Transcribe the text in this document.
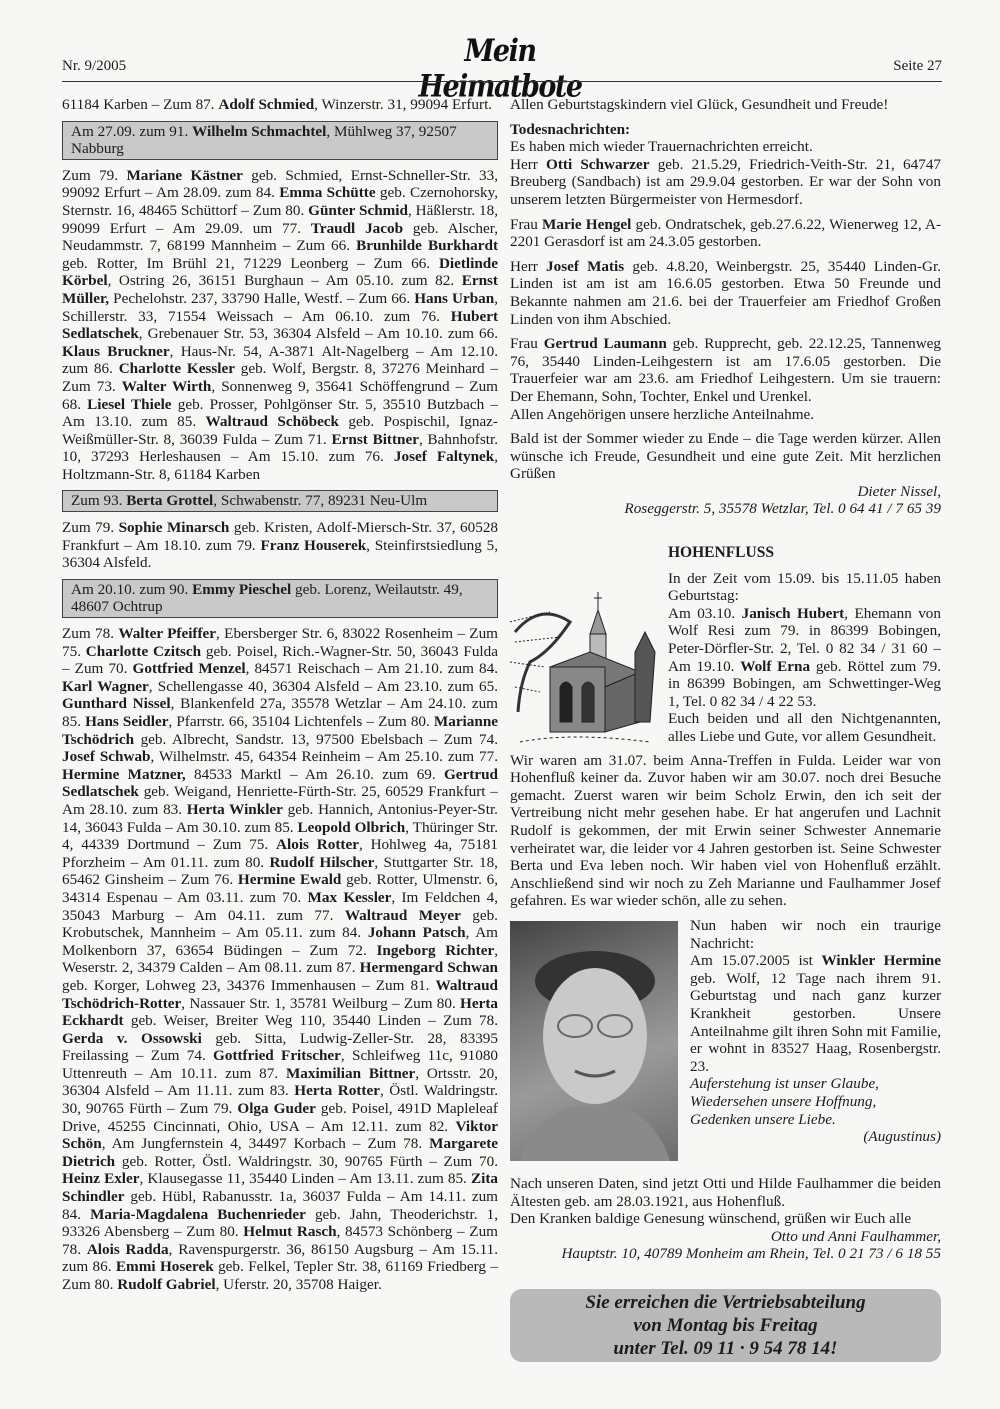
Nr. 9/2005	Mein Heimatbote
Seite 27

61184 Karben – Zum 87. Adolf Schmied, Winzerstr. 31, 99094 Erfurt.

Am 27.09. zum 91. Wilhelm Schmachtel, Mühlweg 37, 92507 Nabburg

Zum 79. Mariane Kästner geb. Schmied, Ernst-Schneller-Str. 33, 99092 Erfurt – Am 28.09. zum 84. Emma Schütte geb. Czernohorsky, Sternstr. 16, 48465 Schüttorf – Zum 80. Günter Schmid, Häßlerstr. 18, 99099 Erfurt – Am 29.09. um 77. Traudl Jacob geb. Alscher, Neudammstr. 7, 68199 Mannheim – Zum 66. Brunhilde Burkhardt geb. Rotter, Im Brühl 21, 71229 Leonberg – Zum 66. Dietlinde Körbel, Ostring 26, 36151 Burghaun – Am 05.10. zum 82. Ernst Müller, Pechelohstr. 237, 33790 Halle, Westf. – Zum 66. Hans Urban, Schillerstr. 33, 71554 Weissach – Am 06.10. zum 76. Hubert Sedlatschek, Grebenauer Str. 53, 36304 Alsfeld – Am 10.10. zum 66. Klaus Bruckner, Haus-Nr. 54, A-3871 Alt-Nagelberg – Am 12.10. zum 86. Charlotte Kessler geb. Wolf, Bergstr. 8, 37276 Meinhard – Zum 73. Walter Wirth, Sonnenweg 9, 35641 Schöffengrund – Zum 68. Liesel Thiele geb. Prosser, Pohlgönser Str. 5, 35510 Butzbach – Am 13.10. zum 85. Waltraud Schöbeck geb. Pospischil, Ignaz-Weißmüller-Str. 8, 36039 Fulda – Zum 71. Ernst Bittner, Bahnhofstr. 10, 37293 Herleshausen – Am 15.10. zum 76. Josef Faltynek, Holtzmann-Str. 8, 61184 Karben

Zum 93. Berta Grottel, Schwabenstr. 77, 89231 Neu-Ulm

Zum 79. Sophie Minarsch geb. Kristen, Adolf-Miersch-Str. 37, 60528 Frankfurt – Am 18.10. zum 79. Franz Houserek, Steinfirstsiedlung 5, 36304 Alsfeld.

Am 20.10. zum 90. Emmy Pieschel geb. Lorenz, Weilautstr. 49, 48607 Ochtrup

Zum 78. Walter Pfeiffer, Ebersberger Str. 6, 83022 Rosenheim – Zum 75. Charlotte Czitsch geb. Poisel, Rich.-Wagner-Str. 50, 36043 Fulda – Zum 70. Gottfried Menzel, 84571 Reischach – Am 21.10. zum 84. Karl Wagner, Schellengasse 40, 36304 Alsfeld – Am 23.10. zum 65. Gunthard Nissel, Blankenfeld 27a, 35578 Wetzlar – Am 24.10. zum 85. Hans Seidler, Pfarrstr. 66, 35104 Lichtenfels – Zum 80. Marianne Tschödrich geb. Albrecht, Sandstr. 13, 97500 Ebelsbach – Zum 74. Josef Schwab, Wilhelmstr. 45, 64354 Reinheim – Am 25.10. zum 77. Hermine Matzner, 84533 Marktl – Am 26.10. zum 69. Gertrud Sedlatschek geb. Weigand, Henriette-Fürth-Str. 25, 60529 Frankfurt – Am 28.10. zum 83. Herta Winkler geb. Hannich, Antonius-Peyer-Str. 14, 36043 Fulda – Am 30.10. zum 85. Leopold Olbrich, Thüringer Str. 4, 44339 Dortmund – Zum 75. Alois Rotter, Hohlweg 4a, 75181 Pforzheim – Am 01.11. zum 80. Rudolf Hilscher, Stuttgarter Str. 18, 65462 Ginsheim – Zum 76. Hermine Ewald geb. Rotter, Ulmenstr. 6, 34314 Espenau – Am 03.11. zum 70. Max Kessler, Im Feldchen 4, 35043 Marburg – Am 04.11. zum 77. Waltraud Meyer geb. Krobutschek, Mannheim – Am 05.11. zum 84. Johann Patsch, Am Molkenborn 37, 63654 Büdingen – Zum 72. Ingeborg Richter, Weserstr. 2, 34379 Calden – Am 08.11. zum 87. Hermengard Schwan geb. Korger, Lohweg 23, 34376 Immenhausen – Zum 81. Waltraud Tschödrich-Rotter, Nassauer Str. 1, 35781 Weilburg – Zum 80. Herta Eckhardt geb. Weiser, Breiter Weg 110, 35440 Linden – Zum 78. Gerda v. Ossowski geb. Sitta, Ludwig-Zeller-Str. 28, 83395 Freilassing – Zum 74. Gottfried Fritscher, Schleifweg 11c, 91080 Uttenreuth – Am 10.11. zum 87. Maximilian Bittner, Ortsstr. 20, 36304 Alsfeld – Am 11.11. zum 83. Herta Rotter, Östl. Waldringstr. 30, 90765 Fürth – Zum 79. Olga Guder geb. Poisel, 491D Mapleleaf Drive, 45255 Cincinnati, Ohio, USA – Am 12.11. zum 82. Viktor Schön, Am Jungfernstein 4, 34497 Korbach – Zum 78. Margarete Dietrich geb. Rotter, Östl. Waldringstr. 30, 90765 Fürth – Zum 70. Heinz Exler, Klausegasse 11, 35440 Linden – Am 13.11. zum 85. Zita Schindler geb. Hübl, Rabanusstr. 1a, 36037 Fulda – Am 14.11. zum 84. Maria-Magdalena Buchenrieder geb. Jahn, Theoderichstr. 1, 93326 Abensberg – Zum 80. Helmut Rasch, 84573 Schönberg – Zum 78. Alois Radda, Ravenspurgerstr. 36, 86150 Augsburg – Am 15.11. zum 86. Emmi Hoserek geb. Felkel, Tepler Str. 38, 61169 Friedberg – Zum 80. Rudolf Gabriel, Uferstr. 20, 35708 Haiger.

Allen Geburtstagskindern viel Glück, Gesundheit und Freude!

Todesnachrichten:

Es haben mich wieder Trauernachrichten erreicht.

Herr Otti Schwarzer geb. 21.5.29, Friedrich-Veith-Str. 21, 64747 Breuberg (Sandbach) ist am 29.9.04 gestorben. Er war der Sohn von unserem letzten Bürgermeister von Hermesdorf.

Frau Marie Hengel geb. Ondratschek, geb.27.6.22, Wienerweg 12, A-2201 Gerasdorf ist am 24.3.05 gestorben.

Herr Josef Matis geb. 4.8.20, Weinbergstr. 25, 35440 Linden-Gr. Linden ist am ist am 16.6.05 gestorben. Etwa 50 Freunde und Bekannte nahmen am 21.6. bei der Trauerfeier am Friedhof Großen Linden von ihm Abschied.

Frau Gertrud Laumann geb. Rupprecht, geb. 22.12.25, Tannenweg 76, 35440 Linden-Leihgestern ist am 17.6.05 gestorben. Die Trauerfeier war am 23.6. am Friedhof Leihgestern. Um sie trauern: Der Ehemann, Sohn, Tochter, Enkel und Urenkel.

Allen Angehörigen unsere herzliche Anteilnahme.

Bald ist der Sommer wieder zu Ende – die Tage werden kürzer. Allen wünsche ich Freude, Gesundheit und eine gute Zeit. Mit herzlichen Grüßen

Dieter Nissel,
Roseggerstr. 5, 35578 Wetzlar, Tel. 0 64 41 / 7 65 39
HOHENFLUSS

In der Zeit vom 15.09. bis 15.11.05 haben Geburtstag:

Am 03.10. Janisch Hubert, Ehemann von Wolf Resi zum 79. in 86399 Bobingen, Peter-Dörfler-Str. 2, Tel. 0 82 34 / 31 60 – Am 19.10. Wolf Erna geb. Röttel zum 79. in 86399 Bobingen, am Schwettinger-Weg 1, Tel. 0 82 34 / 4 22 53.

Euch beiden und all den Nichtgenannten, alles Liebe und Gute, vor allem Gesundheit.

Wir waren am 31.07. beim Anna-Treffen in Fulda. Leider war von Hohenfluß keiner da. Zuvor haben wir am 30.07. noch drei Besuche gemacht. Zuerst waren wir beim Scholz Erwin, den ich seit der Vertreibung nicht mehr gesehen habe. Er hat angerufen und Lachnit Rudolf is gekommen, der mit Erwin seiner Schwester Annemarie verheiratet war, die leider vor 4 Jahren gestorben ist. Seine Schwester Berta und Eva leben noch. Wir haben viel von Hohenfluß erzählt. Anschließend sind wir noch zu Zeh Marianne und Faulhammer Josef gefahren. Es war wieder schön, alle zu sehen.

Nun haben wir noch ein traurige Nachricht:

Am 15.07.2005 ist Winkler Hermine geb. Wolf, 12 Tage nach ihrem 91. Geburtstag und nach ganz kurzer Krankheit gestorben. Unsere Anteilnahme gilt ihren Sohn mit Familie, er wohnt in 83527 Haag, Rosenbergstr. 23.

Auferstehung ist unser Glaube,
Wiedersehen unsere Hoffnung,
Gedenken unsere Liebe.
(Augustinus)

Nach unseren Daten, sind jetzt Otti und Hilde Faulhammer die beiden Ältesten geb. am 28.03.1921, aus Hohenfluß.

Den Kranken baldige Genesung wünschend, grüßen wir Euch alle

Otto und Anni Faulhammer,
Hauptstr. 10, 40789 Monheim am Rhein, Tel. 0 21 73 / 6 18 55
Sie erreichen die Vertriebsabteilung
von Montag bis Freitag
unter Tel. 09 11 · 9 54 78 14!
